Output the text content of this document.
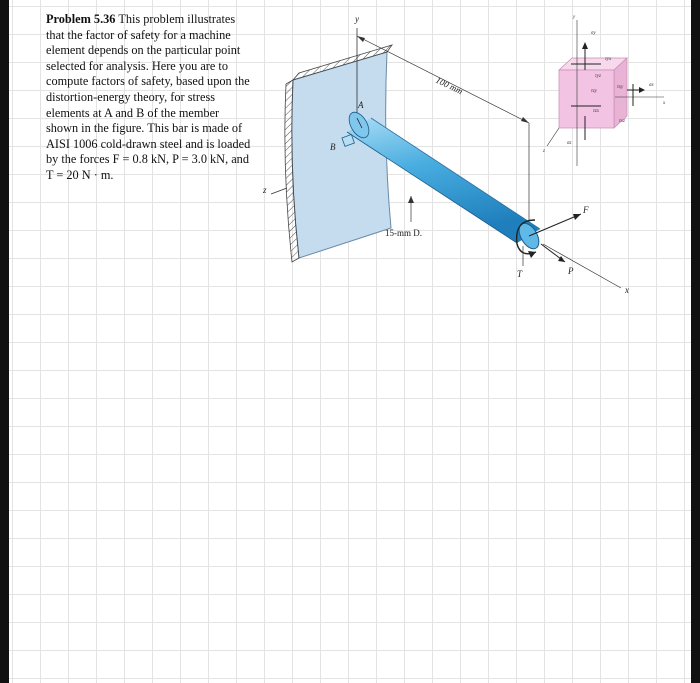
Problem 5.36 This problem illustrates that the factor of safety for a machine element depends on the particular point selected for analysis. Here you are to compute factors of safety, based upon the distortion-energy theory, for stress elements at A and B of the member shown in the figure. This bar is made of AISI 1006 cold-drawn steel and is loaded by the forces F = 0.8 kN, P = 3.0 kN, and T = 20 N · m.
y
z
100 mm
A
B
15-mm D.
F
P
T
x
σy
τyx
τyz
τzy
τxy	σx
τxz
τzx
σz
y
x
z
